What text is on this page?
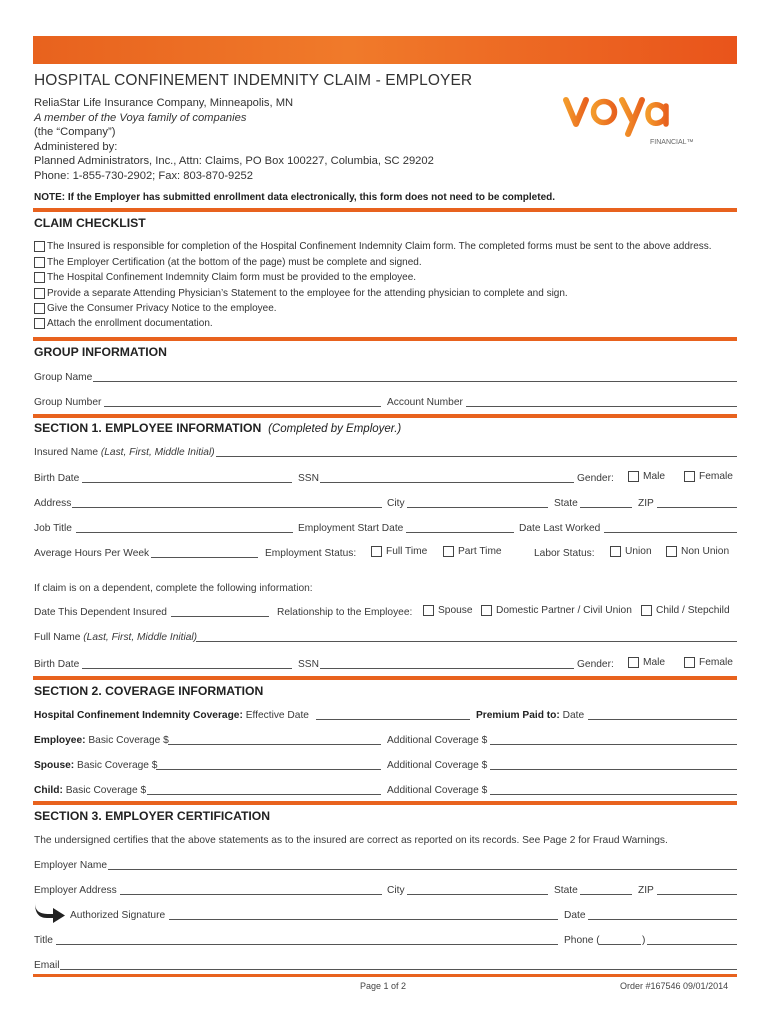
HOSPITAL CONFINEMENT INDEMNITY CLAIM - EMPLOYER
ReliaStar Life Insurance Company, Minneapolis, MN
A member of the Voya family of companies
(the “Company”)
Administered by:
Planned Administrators, Inc., Attn: Claims, PO Box 100227, Columbia, SC 29202
Phone: 1-855-730-2902; Fax: 803-870-9252
FINANCIAL™
NOTE: If the Employer has submitted enrollment data electronically, this form does not need to be completed.
CLAIM CHECKLIST
The Insured is responsible for completion of the Hospital Confinement Indemnity Claim form. The completed forms must be sent to the above address.
The Employer Certification (at the bottom of the page) must be complete and signed.
The Hospital Confinement Indemnity Claim form must be provided to the employee.
Provide a separate Attending Physician’s Statement to the employee for the attending physician to complete and sign.
Give the Consumer Privacy Notice to the employee.
Attach the enrollment documentation.
GROUP INFORMATION
Group Name
Group Number	Account Number
SECTION 1. EMPLOYEE INFORMATION (Completed by Employer.)
Insured Name (Last, First, Middle Initial)
Birth Date	SSN	Gender:	Male	Female
Address	City	State	ZIP
Job Title	Employment Start Date	Date Last Worked
Average Hours Per Week	Employment Status:	Full Time	Part Time	Labor Status:	Union	Non Union
If claim is on a dependent, complete the following information:
Date This Dependent Insured	Relationship to the Employee:	Spouse Domestic Partner / Civil Union Child / Stepchild
Full Name (Last, First, Middle Initial)
Birth Date	SSN	Gender:	Male	Female
SECTION 2. COVERAGE INFORMATION
Hospital Confinement Indemnity Coverage: Effective Date	Premium Paid to: Date
Employee: Basic Coverage $	Additional Coverage $
Spouse: Basic Coverage $	Additional Coverage $
Child: Basic Coverage $	Additional Coverage $
SECTION 3. EMPLOYER CERTIFICATION
The undersigned certifies that the above statements as to the insured are correct as reported on its records. See Page 2 for Fraud Warnings.
Employer Name
Employer Address	City	State	ZIP
Authorized Signature	Date
Title	Phone (	)
Email
Page 1 of 2	Order #167546 09/01/2014
